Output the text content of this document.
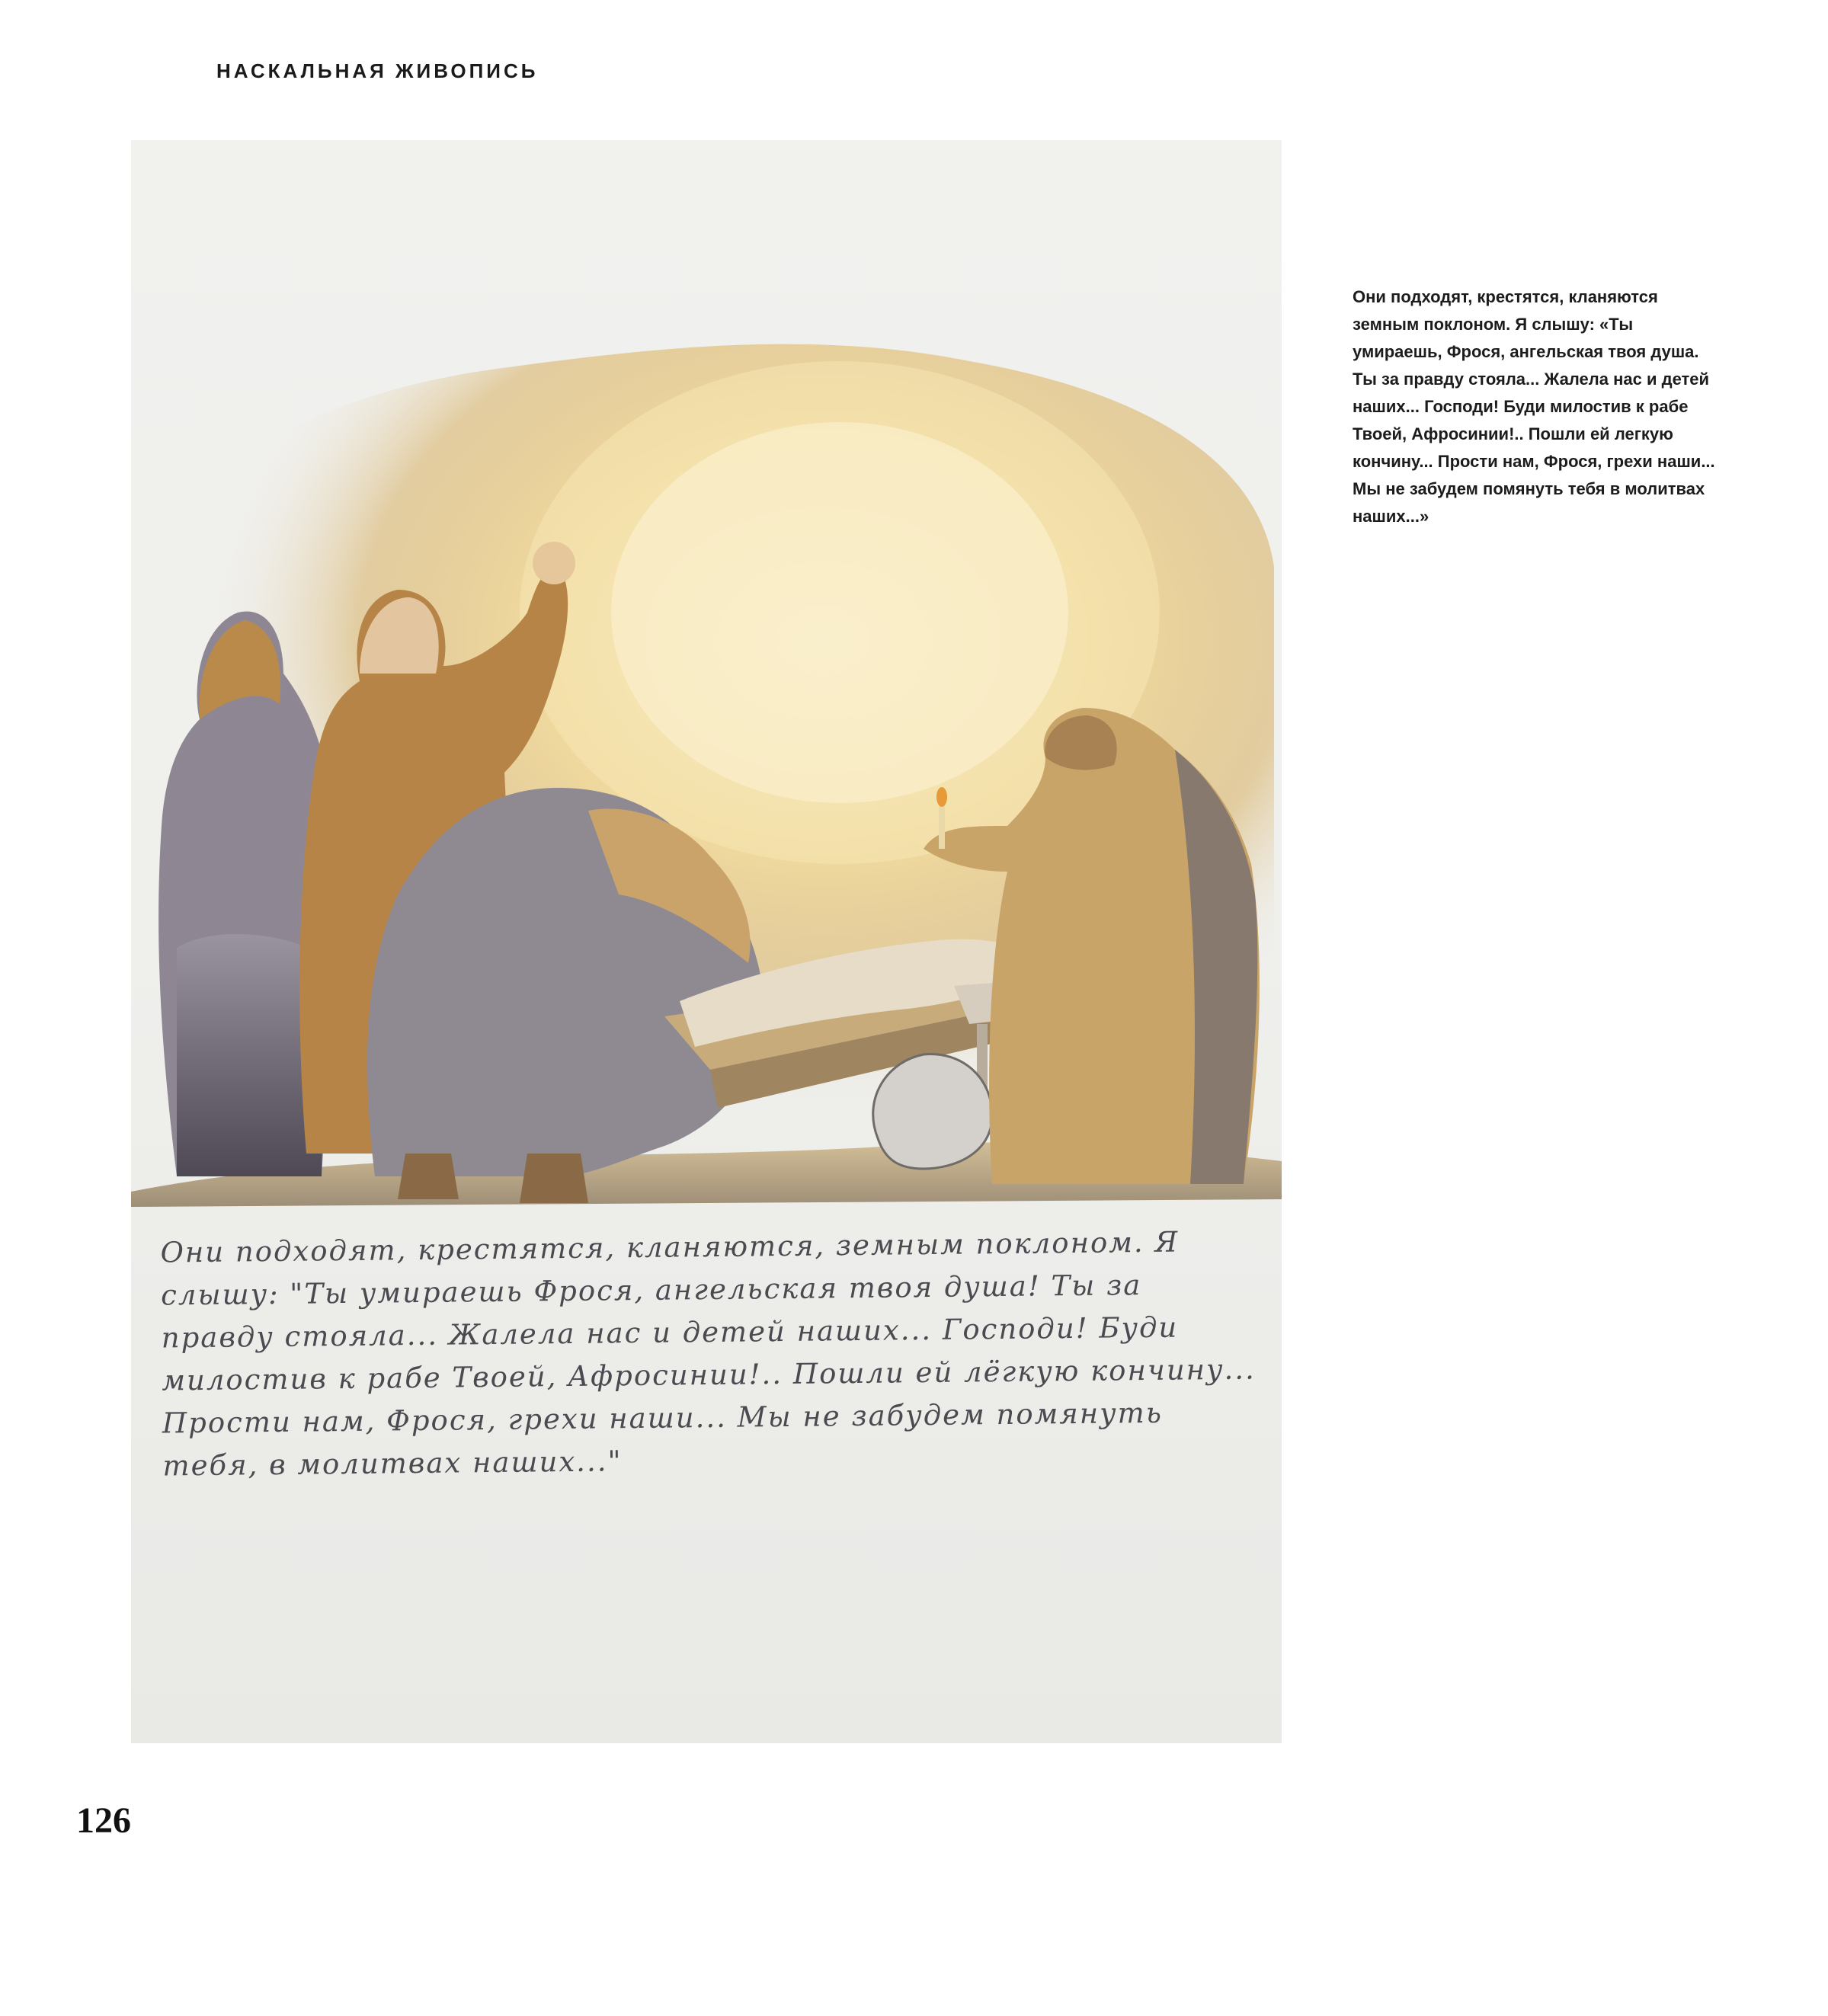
НАСКАЛЬНАЯ ЖИВОПИСЬ
Они подходят, крестятся, кланяются, земным поклоном. Я слышу: "Ты умираешь Фрося, ангельская твоя душа! Ты за правду стояла... Жалела нас и детей наших... Господи! Буди милостив к рабе Твоей, Афросинии!.. Пошли ей лёгкую кончину... Прости нам, Фрося, грехи наши... Мы не забудем помянуть тебя, в молитвах наших..."
Они подходят, крестятся, кланяются земным поклоном. Я слышу: «Ты умираешь, Фрося, ангельская твоя душа. Ты за правду стояла... Жалела нас и детей наших... Господи! Буди милостив к рабе Твоей, Афросинии!.. Пошли ей легкую кончину... Прости нам, Фрося, грехи наши... Мы не забудем помянуть тебя в молитвах наших...»
126
